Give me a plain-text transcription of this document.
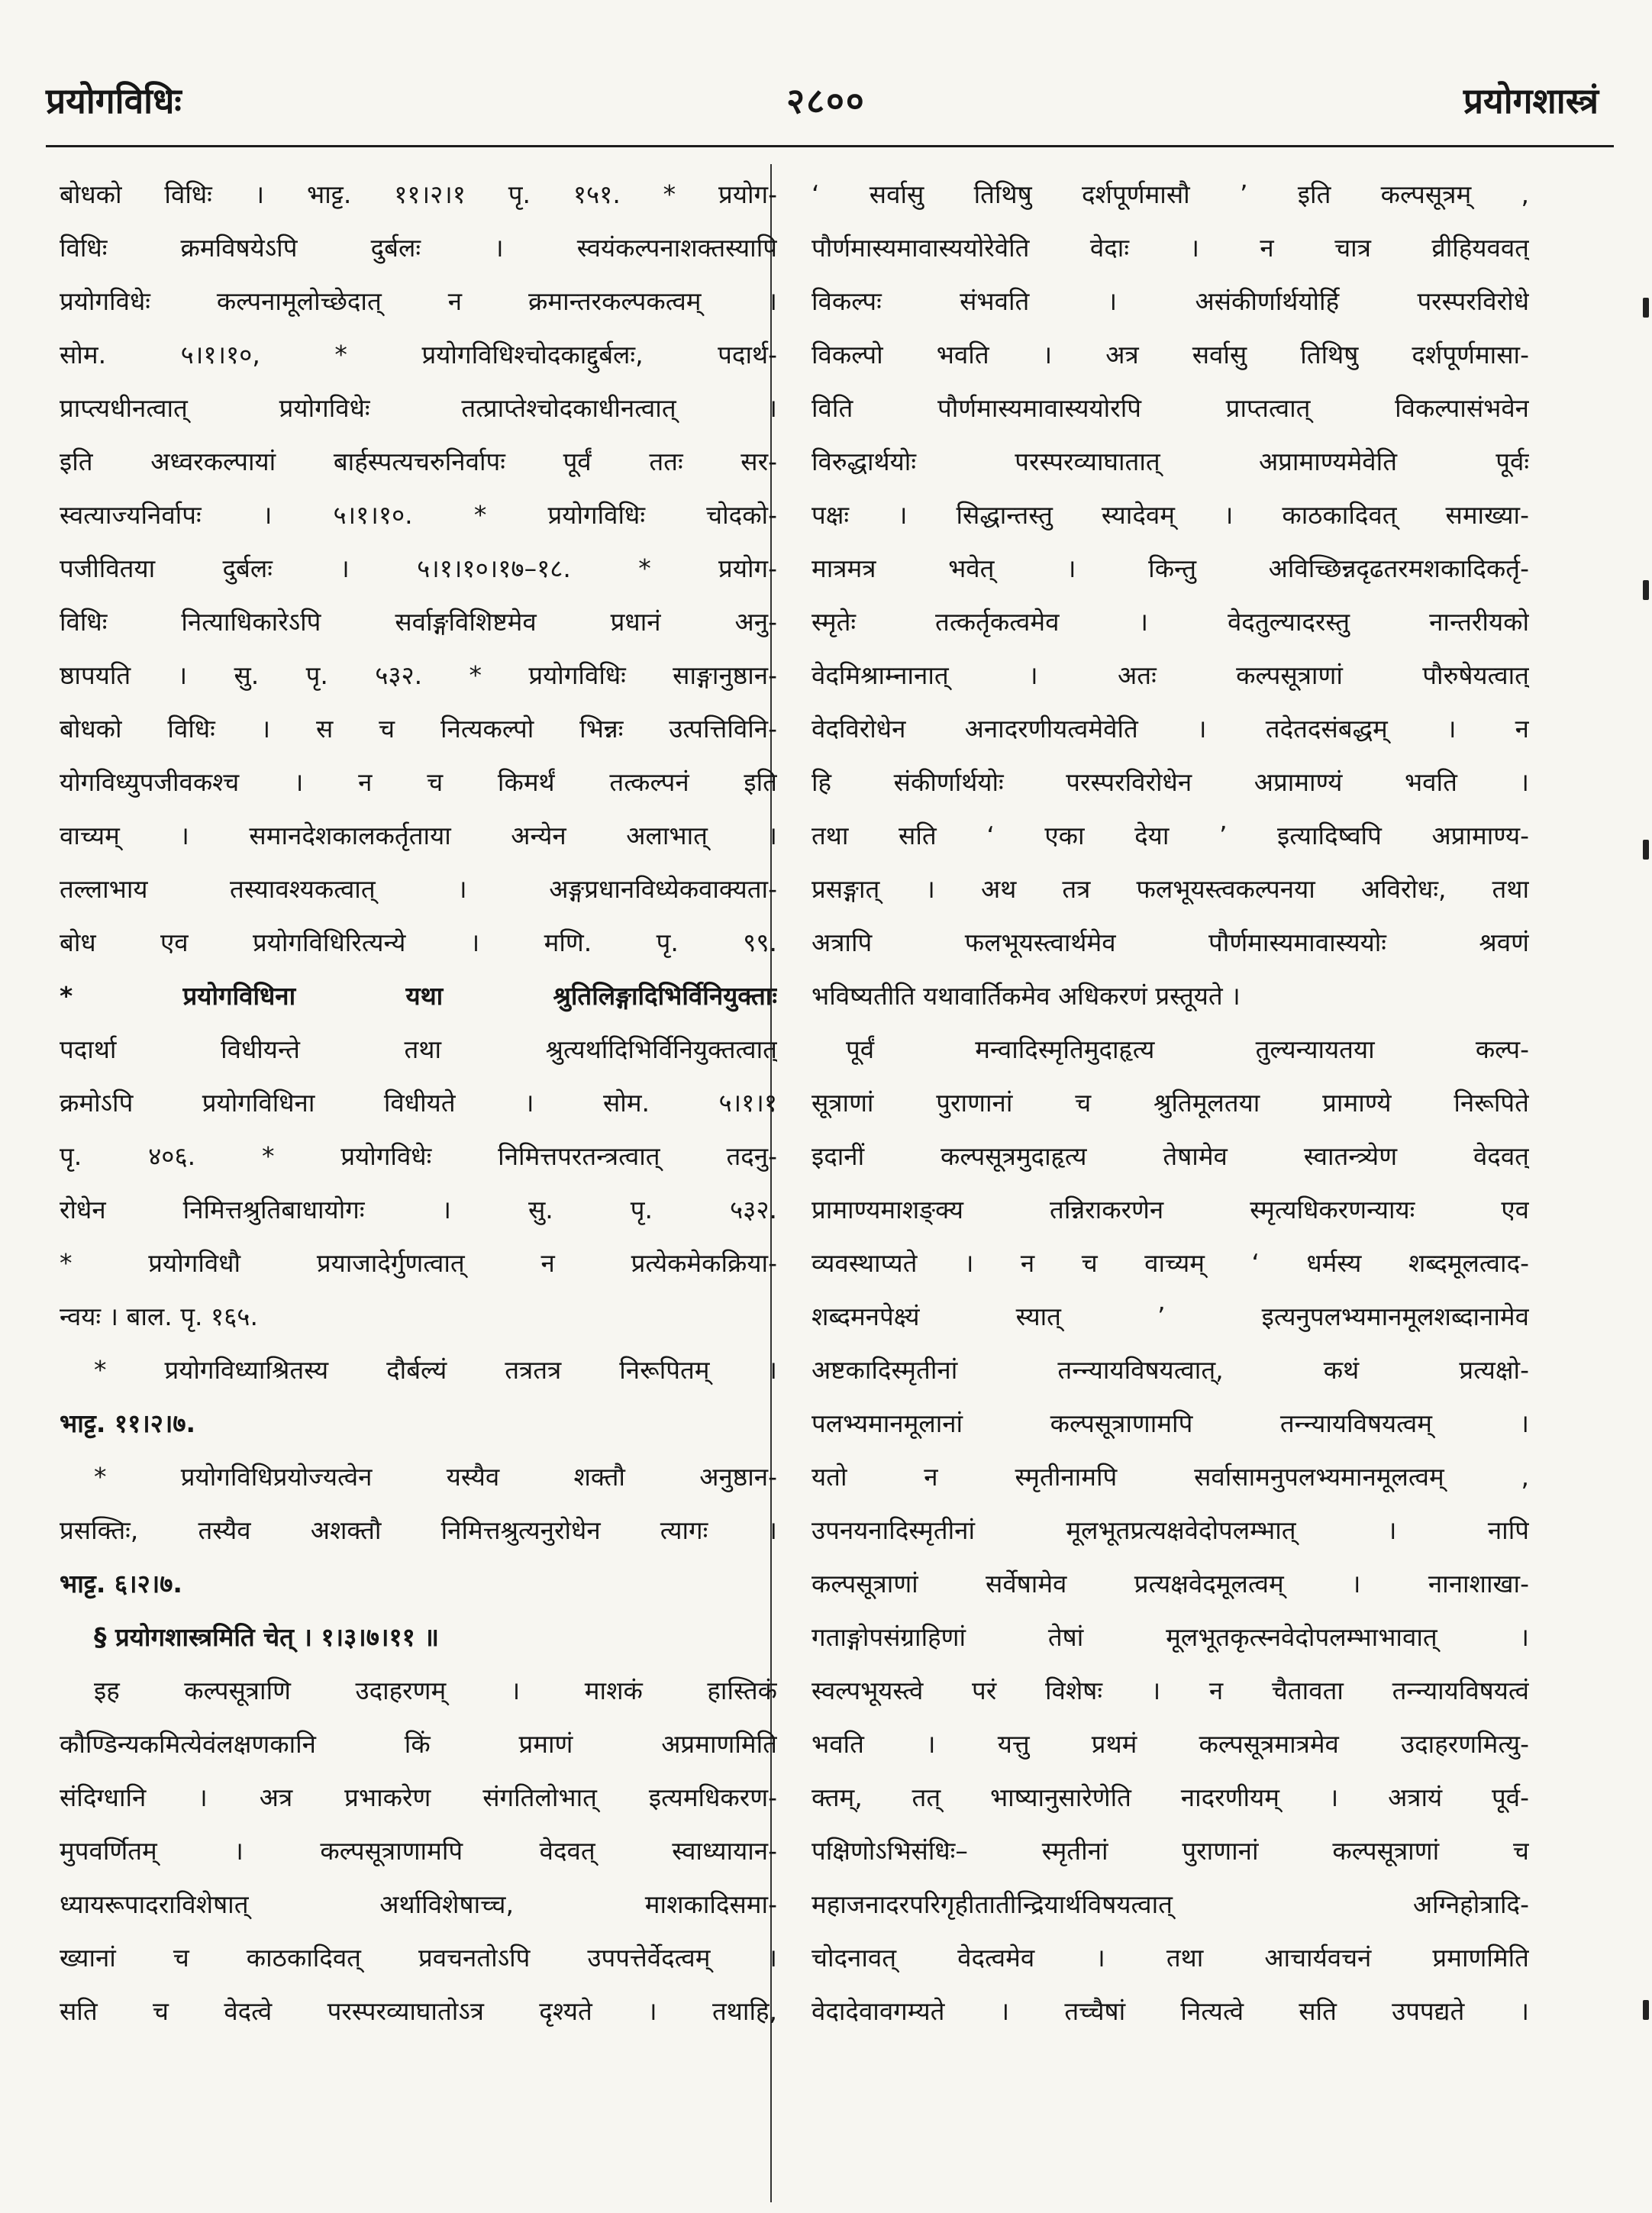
२८००
प्रयोगविधिः	प्रयोगशास्त्रं

बोधको विधिः । भाट्ट. ११।२।१ पृ. १५१. * प्रयोग-

विधिः क्रमविषयेऽपि दुर्बलः । स्वयंकल्पनाशक्तस्यापि

प्रयोगविधेः कल्पनामूलोच्छेदात् न क्रमान्तरकल्पकत्वम् ।

सोम. ५।१।१०, * प्रयोगविधिश्चोदकाद्दुर्बलः, पदार्थ-

प्राप्त्यधीनत्वात् प्रयोगविधेः तत्प्राप्तेश्चोदकाधीनत्वात् ।

इति अध्वरकल्पायां बार्हस्पत्यचरुनिर्वापः पूर्वं ततः सर-

स्वत्याज्यनिर्वापः । ५।१।१०. * प्रयोगविधिः चोदको-

पजीवितया दुर्बलः । ५।१।१०।१७–१८. * प्रयोग-

विधिः नित्याधिकारेऽपि सर्वाङ्गविशिष्टमेव प्रधानं अनु-

ष्ठापयति । सु. पृ. ५३२. * प्रयोगविधिः साङ्गानुष्ठान-

बोधको विधिः । स च नित्यकल्पो भिन्नः उत्पत्तिविनि-

योगविध्युपजीवकश्च । न च किमर्थं तत्कल्पनं इति

वाच्यम् । समानदेशकालकर्तृताया अन्येन अलाभात् ।

तल्लाभाय तस्यावश्यकत्वात् । अङ्गप्रधानविध्येकवाक्यता-

बोध एव प्रयोगविधिरित्यन्ये । मणि. पृ. ९९.

* प्रयोगविधिना यथा श्रुतिलिङ्गादिभिर्विनियुक्ताः

पदार्था विधीयन्ते तथा श्रुत्यर्थादिभिर्विनियुक्तत्वात्

क्रमोऽपि प्रयोगविधिना विधीयते । सोम. ५।१।१

पृ. ४०६. * प्रयोगविधेः निमित्तपरतन्त्रत्वात् तदनु-

रोधेन निमित्तश्रुतिबाधायोगः । सु. पृ. ५३२.

* प्रयोगविधौ प्रयाजादेर्गुणत्वात् न प्रत्येकमेकक्रिया-

न्वयः । बाल. पृ. १६५.

* प्रयोगविध्याश्रितस्य दौर्बल्यं तत्रतत्र निरूपितम् ।

भाट्ट. ११।२।७.

* प्रयोगविधिप्रयोज्यत्वेन यस्यैव शक्तौ अनुष्ठान-

प्रसक्तिः, तस्यैव अशक्तौ निमित्तश्रुत्यनुरोधेन त्यागः ।

भाट्ट. ६।२।७.

§ प्रयोगशास्त्रमिति चेत् । १।३।७।११ ॥

इह कल्पसूत्राणि उदाहरणम् । माशकं हास्तिकं

कौण्डिन्यकमित्येवंलक्षणकानि किं प्रमाणं अप्रमाणमिति

संदिग्धानि । अत्र प्रभाकरेण संगतिलोभात् इत्यमधिकरण-

मुपवर्णितम् । कल्पसूत्राणामपि वेदवत् स्वाध्यायान-

ध्यायरूपादराविशेषात् अर्थाविशेषाच्च, माशकादिसमा-

ख्यानां च काठकादिवत् प्रवचनतोऽपि उपपत्तेर्वेदत्वम् ।

सति च वेदत्वे परस्परव्याघातोऽत्र दृश्यते । तथाहि,

‘ सर्वासु तिथिषु दर्शपूर्णमासौ ’ इति कल्पसूत्रम् ,

पौर्णमास्यमावास्ययोरेवेति वेदाः । न चात्र व्रीहियववत्

विकल्पः संभवति । असंकीर्णार्थयोर्हि परस्परविरोधे

विकल्पो भवति । अत्र सर्वासु तिथिषु दर्शपूर्णमासा-

विति पौर्णमास्यमावास्ययोरपि प्राप्तत्वात् विकल्पासंभवेन

विरुद्धार्थयोः परस्परव्याघातात् अप्रामाण्यमेवेति पूर्वः

पक्षः । सिद्धान्तस्तु स्यादेवम् । काठकादिवत् समाख्या-

मात्रमत्र भवेत् । किन्तु अविच्छिन्नदृढतरमशकादिकर्तृ-

स्मृतेः तत्कर्तृकत्वमेव । वेदतुल्यादरस्तु नान्तरीयको

वेदमिश्राम्नानात् । अतः कल्पसूत्राणां पौरुषेयत्वात्

वेदविरोधेन अनादरणीयत्वमेवेति । तदेतदसंबद्धम् । न

हि संकीर्णार्थयोः परस्परविरोधेन अप्रामाण्यं भवति ।

तथा सति ‘ एका देया ’ इत्यादिष्वपि अप्रामाण्य-

प्रसङ्गात् । अथ तत्र फलभूयस्त्वकल्पनया अविरोधः, तथा

अत्रापि फलभूयस्त्वार्थमेव पौर्णमास्यमावास्ययोः श्रवणं

भविष्यतीति यथावार्तिकमेव अधिकरणं प्रस्तूयते ।

पूर्वं मन्वादिस्मृतिमुदाहृत्य तुल्यन्यायतया कल्प-

सूत्राणां पुराणानां च श्रुतिमूलतया प्रामाण्ये निरूपिते

इदानीं कल्पसूत्रमुदाहृत्य तेषामेव स्वातन्त्र्येण वेदवत्

प्रामाण्यमाशङ्क्य तन्निराकरणेन स्मृत्यधिकरणन्यायः एव

व्यवस्थाप्यते । न च वाच्यम् ‘ धर्मस्य शब्दमूलत्वाद-

शब्दमनपेक्ष्यं स्यात् ’ इत्यनुपलभ्यमानमूलशब्दानामेव

अष्टकादिस्मृतीनां तन्न्यायविषयत्वात्, कथं प्रत्यक्षो-

पलभ्यमानमूलानां कल्पसूत्राणामपि तन्न्यायविषयत्वम् ।

यतो न स्मृतीनामपि सर्वासामनुपलभ्यमानमूलत्वम् ,

उपनयनादिस्मृतीनां मूलभूतप्रत्यक्षवेदोपलम्भात् । नापि

कल्पसूत्राणां सर्वेषामेव प्रत्यक्षवेदमूलत्वम् । नानाशाखा-

गताङ्गोपसंग्राहिणां तेषां मूलभूतकृत्स्नवेदोपलम्भाभावात् ।

स्वल्पभूयस्त्वे परं विशेषः । न चैतावता तन्न्यायविषयत्वं

भवति । यत्तु प्रथमं कल्पसूत्रमात्रमेव उदाहरणमित्यु-

क्तम्, तत् भाष्यानुसारेणेति नादरणीयम् । अत्रायं पूर्व-

पक्षिणोऽभिसंधिः– स्मृतीनां पुराणानां कल्पसूत्राणां च

महाजनादरपरिगृहीतातीन्द्रियार्थविषयत्वात् अग्निहोत्रादि-

चोदनावत् वेदत्वमेव । तथा आचार्यवचनं प्रमाणमिति

वेदादेवावगम्यते । तच्चैषां नित्यत्वे सति उपपद्यते ।
